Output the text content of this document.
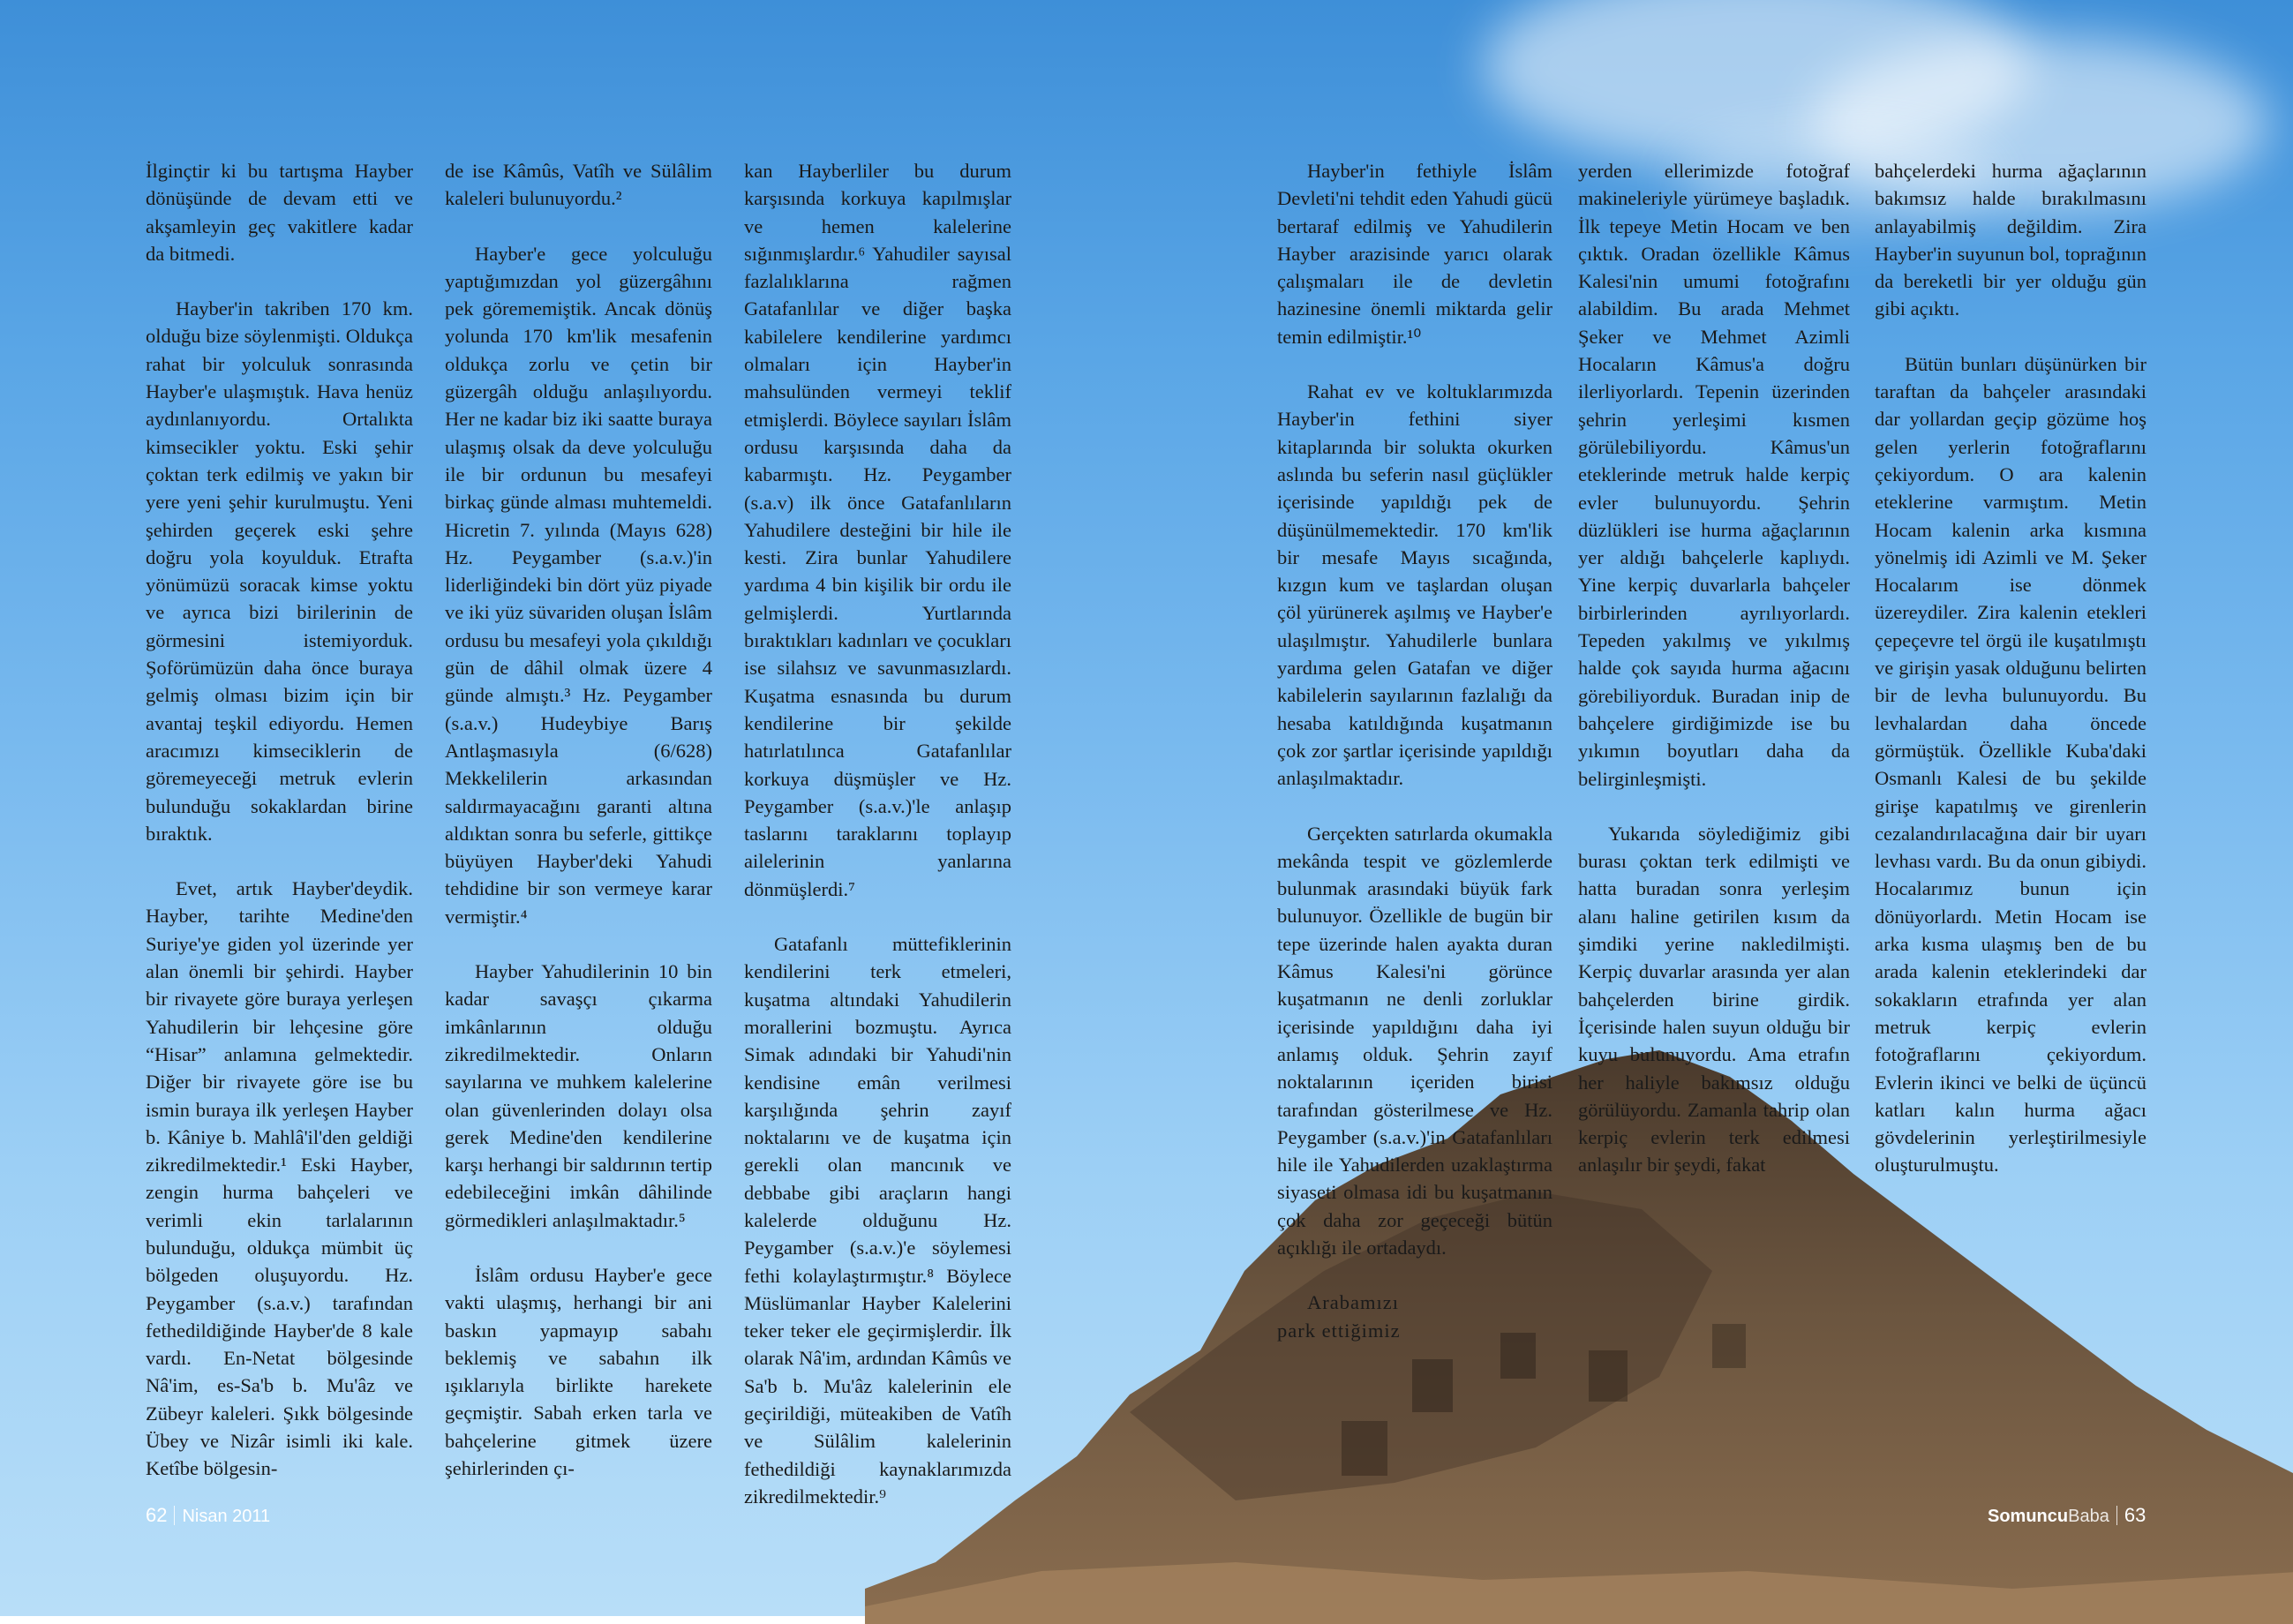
İlginçtir ki bu tartışma Hayber dönüşünde de devam etti ve akşamleyin geç vakitlere kadar da bitmedi.

Hayber'in takriben 170 km. olduğu bize söylenmişti. Oldukça rahat bir yolculuk sonrasında Hayber'e ulaşmıştık. Hava henüz aydınlanıyordu. Ortalıkta kimsecikler yoktu. Eski şehir çoktan terk edilmiş ve yakın bir yere yeni şehir kurulmuştu. Yeni şehirden geçerek eski şehre doğru yola koyulduk. Etrafta yönümüzü soracak kimse yoktu ve ayrıca bizi birilerinin de görmesini istemiyorduk. Şoförümüzün daha önce buraya gelmiş olması bizim için bir avantaj teşkil ediyordu. Hemen aracımızı kimseciklerin de göremeyeceği metruk evlerin bulunduğu sokaklardan birine bıraktık.

Evet, artık Hayber'deydik. Hayber, tarihte Medine'den Suriye'ye giden yol üzerinde yer alan önemli bir şehirdi. Hayber bir rivayete göre buraya yerleşen Yahudilerin bir lehçesine göre “Hisar” anlamına gelmektedir. Diğer bir rivayete göre ise bu ismin buraya ilk yerleşen Hayber b. Kâniye b. Mahlâ'il'den geldiği zikredilmektedir.¹ Eski Hayber, zengin hurma bahçeleri ve verimli ekin tarlalarının bulunduğu, oldukça mümbit üç bölgeden oluşuyordu. Hz. Peygamber (s.a.v.) tarafından fethedildiğinde Hayber'de 8 kale vardı. En-Netat bölgesinde Nâ'im, es-Sa'b b. Mu'âz ve Zübeyr kaleleri. Şıkk bölgesinde Übey ve Nizâr isimli iki kale. Ketîbe bölgesin-

de ise Kâmûs, Vatîh ve Sülâlim kaleleri bulunuyordu.²

Hayber'e gece yolculuğu yaptığımızdan yol güzergâhını pek görememiştik. Ancak dönüş yolunda 170 km'lik mesafenin oldukça zorlu ve çetin bir güzergâh olduğu anlaşılıyordu. Her ne kadar biz iki saatte buraya ulaşmış olsak da deve yolculuğu ile bir ordunun bu mesafeyi birkaç günde alması muhtemeldi. Hicretin 7. yılında (Mayıs 628) Hz. Peygamber (s.a.v.)'in liderliğindeki bin dört yüz piyade ve iki yüz süvariden oluşan İslâm ordusu bu mesafeyi yola çıkıldığı gün de dâhil olmak üzere 4 günde almıştı.³ Hz. Peygamber (s.a.v.) Hudeybiye Barış Antlaşmasıyla (6/628) Mekkelilerin arkasından saldırmayacağını garanti altına aldıktan sonra bu seferle, gittikçe büyüyen Hayber'deki Yahudi tehdidine bir son vermeye karar vermiştir.⁴

Hayber Yahudilerinin 10 bin kadar savaşçı çıkarma imkânlarının olduğu zikredilmektedir. Onların sayılarına ve muhkem kalelerine olan güvenlerinden dolayı olsa gerek Medine'den kendilerine karşı herhangi bir saldırının tertip edebileceğini imkân dâhilinde görmedikleri anlaşılmaktadır.⁵

İslâm ordusu Hayber'e gece vakti ulaşmış, herhangi bir ani baskın yapmayıp sabahı beklemiş ve sabahın ilk ışıklarıyla birlikte harekete geçmiştir. Sabah erken tarla ve bahçelerine gitmek üzere şehirlerinden çı-

kan Hayberliler bu durum karşısında korkuya kapılmışlar ve hemen kalelerine sığınmışlardır.⁶ Yahudiler sayısal fazlalıklarına rağmen Gatafanlılar ve diğer başka kabilelere kendilerine yardımcı olmaları için Hayber'in mahsulünden vermeyi teklif etmişlerdi. Böylece sayıları İslâm ordusu karşısında daha da kabarmıştı. Hz. Peygamber (s.a.v) ilk önce Gatafanlıların Yahudilere desteğini bir hile ile kesti. Zira bunlar Yahudilere yardıma 4 bin kişilik bir ordu ile gelmişlerdi. Yurtlarında bıraktıkları kadınları ve çocukları ise silahsız ve savunmasızlardı. Kuşatma esnasında bu durum kendilerine bir şekilde hatırlatılınca Gatafanlılar korkuya düşmüşler ve Hz. Peygamber (s.a.v.)'le anlaşıp taslarını taraklarını toplayıp ailelerinin yanlarına dönmüşlerdi.⁷

Gatafanlı müttefiklerinin kendilerini terk etmeleri, kuşatma altındaki Yahudilerin morallerini bozmuştu. Ayrıca Simak adındaki bir Yahudi'nin kendisine emân verilmesi karşılığında şehrin zayıf noktalarını ve de kuşatma için gerekli olan mancınık ve debbabe gibi araçların hangi kalelerde olduğunu Hz. Peygamber (s.a.v.)'e söylemesi fethi kolaylaştırmıştır.⁸ Böylece Müslümanlar Hayber Kalelerini teker teker ele geçirmişlerdir. İlk olarak Nâ'im, ardından Kâmûs ve Sa'b b. Mu'âz kalelerinin ele geçirildiği, müteakiben de Vatîh ve Sülâlim kalelerinin fethedildiği kaynaklarımızda zikredilmektedir.⁹

Hayber'in fethiyle İslâm Devleti'ni tehdit eden Yahudi gücü bertaraf edilmiş ve Yahudilerin Hayber arazisinde yarıcı olarak çalışmaları ile de devletin hazinesine önemli miktarda gelir temin edilmiştir.¹⁰

Rahat ev ve koltuklarımızda Hayber'in fethini siyer kitaplarında bir solukta okurken aslında bu seferin nasıl güçlükler içerisinde yapıldığı pek de düşünülmemektedir. 170 km'lik bir mesafe Mayıs sıcağında, kızgın kum ve taşlardan oluşan çöl yürünerek aşılmış ve Hayber'e ulaşılmıştır. Yahudilerle bunlara yardıma gelen Gatafan ve diğer kabilelerin sayılarının fazlalığı da hesaba katıldığında kuşatmanın çok zor şartlar içerisinde yapıldığı anlaşılmaktadır.

Gerçekten satırlarda okumakla mekânda tespit ve gözlemlerde bulunmak arasındaki büyük fark bulunuyor. Özellikle de bugün bir tepe üzerinde halen ayakta duran Kâmus Kalesi'ni görünce kuşatmanın ne denli zorluklar içerisinde yapıldığını daha iyi anlamış olduk. Şehrin zayıf noktalarının içeriden birisi tarafından gösterilmese ve Hz. Peygamber (s.a.v.)'in Gatafanlıları hile ile Yahudilerden uzaklaştırma siyaseti olmasa idi bu kuşatmanın çok daha zor geçeceği bütün açıklığı ile ortadaydı.

Arabamızı park ettiğimiz

yerden ellerimizde fotoğraf makineleriyle yürümeye başladık. İlk tepeye Metin Hocam ve ben çıktık. Oradan özellikle Kâmus Kalesi'nin umumi fotoğrafını alabildim. Bu arada Mehmet Şeker ve Mehmet Azimli Hocaların Kâmus'a doğru ilerliyorlardı. Tepenin üzerinden şehrin yerleşimi kısmen görülebiliyordu. Kâmus'un eteklerinde metruk halde kerpiç evler bulunuyordu. Şehrin düzlükleri ise hurma ağaçlarının yer aldığı bahçelerle kaplıydı. Yine kerpiç duvarlarla bahçeler birbirlerinden ayrılıyorlardı. Tepeden yakılmış ve yıkılmış halde çok sayıda hurma ağacını görebiliyorduk. Buradan inip de bahçelere girdiğimizde ise bu yıkımın boyutları daha da belirginleşmişti.

Yukarıda söylediğimiz gibi burası çoktan terk edilmişti ve hatta buradan sonra yerleşim alanı haline getirilen kısım da şimdiki yerine nakledilmişti. Kerpiç duvarlar arasında yer alan bahçelerden birine girdik. İçerisinde halen suyun olduğu bir kuyu bulunuyordu. Ama etrafın her haliyle bakımsız olduğu görülüyordu. Zamanla tahrip olan kerpiç evlerin terk edilmesi anlaşılır bir şeydi, fakat

bahçelerdeki hurma ağaçlarının bakımsız halde bırakılmasını anlayabilmiş değildim. Zira Hayber'in suyunun bol, toprağının da bereketli bir yer olduğu gün gibi açıktı.

Bütün bunları düşünürken bir taraftan da bahçeler arasındaki dar yollardan geçip gözüme hoş gelen yerlerin fotoğraflarını çekiyordum. O ara kalenin eteklerine varmıştım. Metin Hocam kalenin arka kısmına yönelmiş idi Azimli ve M. Şeker Hocalarım ise dönmek üzereydiler. Zira kalenin etekleri çepeçevre tel örgü ile kuşatılmıştı ve girişin yasak olduğunu belirten bir de levha bulunuyordu. Bu levhalardan daha öncede görmüştük. Özellikle Kuba'daki Osmanlı Kalesi de bu şekilde girişe kapatılmış ve girenlerin cezalandırılacağına dair bir uyarı levhası vardı. Bu da onun gibiydi. Hocalarımız bunun için dönüyorlardı. Metin Hocam ise arka kısma ulaşmış ben de bu arada kalenin eteklerindeki dar sokakların etrafında yer alan metruk kerpiç evlerin fotoğraflarını çekiyordum. Evlerin ikinci ve belki de üçüncü katları kalın hurma ağacı gövdelerinin yerleştirilmesiyle oluşturulmuştu.

62 Nisan 2011	SomuncuBaba 63
